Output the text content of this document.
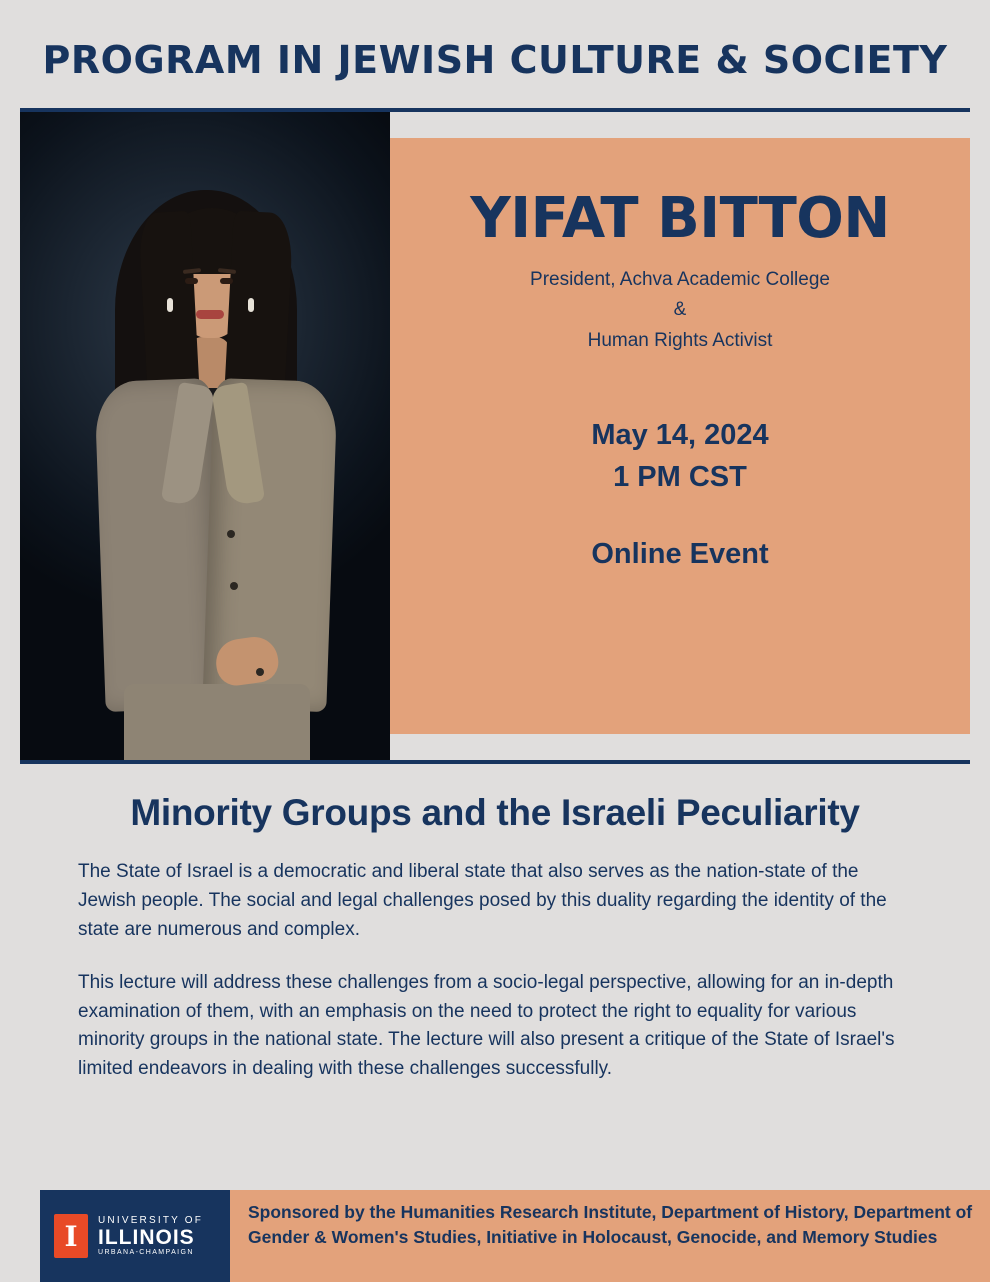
PROGRAM IN JEWISH CULTURE & SOCIETY
YIFAT BITTON
President, Achva Academic College
&
Human Rights Activist
May 14, 2024
1 PM CST
Online Event
Minority Groups and the Israeli Peculiarity

The State of Israel is a democratic and liberal state that also serves as the nation-state of the Jewish people. The social and legal challenges posed by this duality regarding the identity of the state are numerous and complex.

This lecture will address these challenges from a socio-legal perspective, allowing for an in-depth examination of them, with an emphasis on the need to protect the right to equality for various minority groups in the national state. The lecture will also present a critique of the State of Israel's limited endeavors in dealing with these challenges successfully.

I	UNIVERSITY OF
ILLINOIS
URBANA-CHAMPAIGN
Sponsored by the Humanities Research Institute, Department of History, Department of Gender & Women's Studies, Initiative in Holocaust, Genocide, and Memory Studies
